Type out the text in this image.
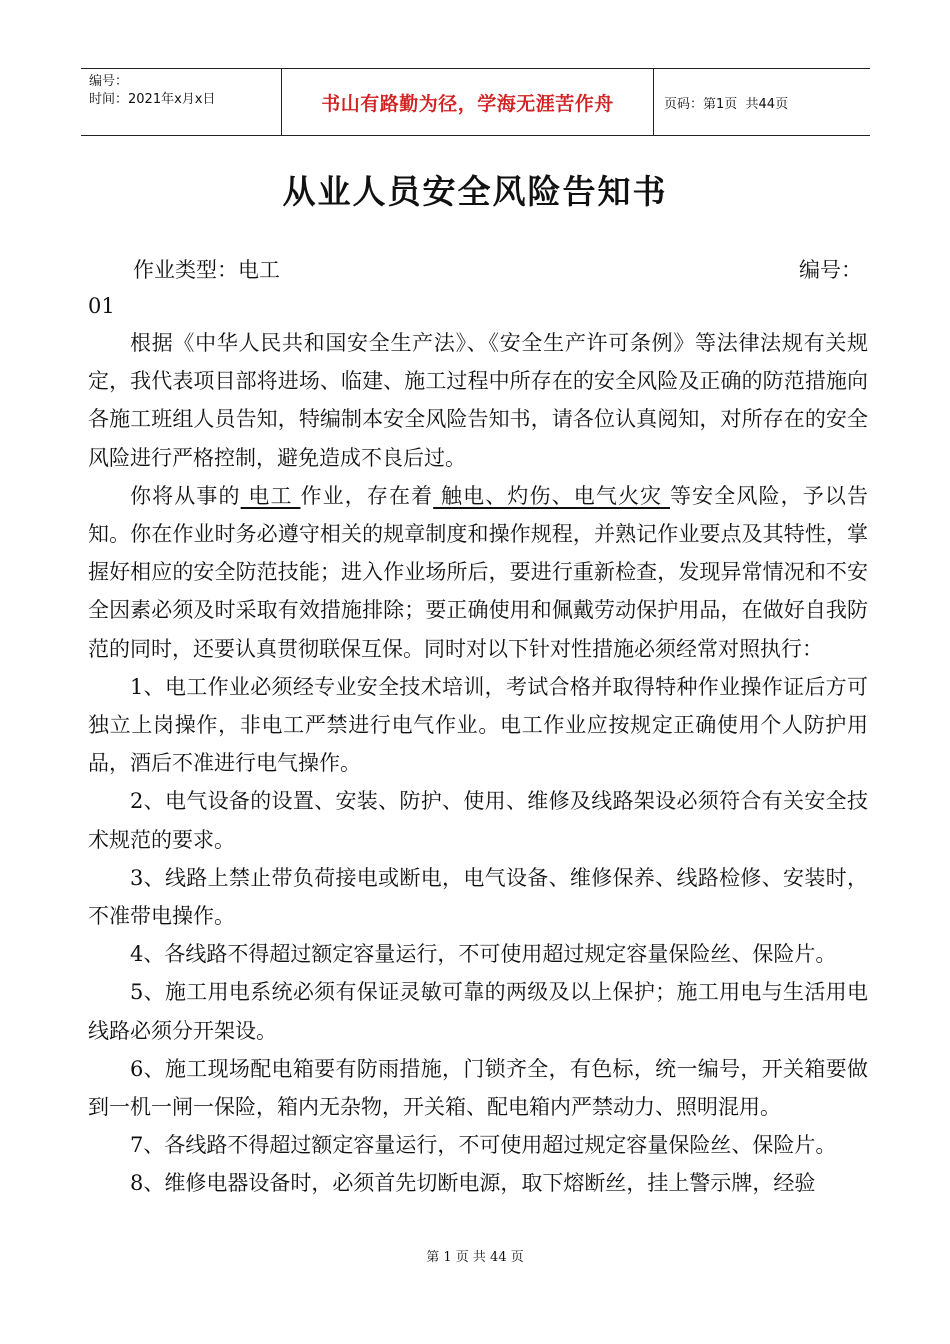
编号：
时间：2021年x月x日	书山有路勤为径，学海无涯苦作舟	页码：第1页  共44页
从业人员安全风险告知书
作业类型：电工	编号：
01

根据《中华人民共和国安全生产法》、《安全生产许可条例》等法律法规有关规定，我代表项目部将进场、临建、施工过程中所存在的安全风险及正确的防范措施向各施工班组人员告知，特编制本安全风险告知书，请各位认真阅知，对所存在的安全风险进行严格控制，避免造成不良后过。

你将从事的 电工 作业，存在着 触电、灼伤、电气火灾 等安全风险，予以告知。你在作业时务必遵守相关的规章制度和操作规程，并熟记作业要点及其特性，掌握好相应的安全防范技能；进入作业场所后，要进行重新检查，发现异常情况和不安全因素必须及时采取有效措施排除；要正确使用和佩戴劳动保护用品，在做好自我防范的同时，还要认真贯彻联保互保。同时对以下针对性措施必须经常对照执行：

1、电工作业必须经专业安全技术培训，考试合格并取得特种作业操作证后方可独立上岗操作，非电工严禁进行电气作业。电工作业应按规定正确使用个人防护用品，酒后不准进行电气操作。

2、电气设备的设置、安装、防护、使用、维修及线路架设必须符合有关安全技术规范的要求。

3、线路上禁止带负荷接电或断电，电气设备、维修保养、线路检修、安装时，不准带电操作。

4、各线路不得超过额定容量运行，不可使用超过规定容量保险丝、保险片。

5、施工用电系统必须有保证灵敏可靠的两级及以上保护；施工用电与生活用电线路必须分开架设。

6、施工现场配电箱要有防雨措施，门锁齐全，有色标，统一编号，开关箱要做到一机一闸一保险，箱内无杂物，开关箱、配电箱内严禁动力、照明混用。

7、各线路不得超过额定容量运行，不可使用超过规定容量保险丝、保险片。

8、维修电器设备时，必须首先切断电源，取下熔断丝，挂上警示牌，经验

第 1 页 共 44 页
